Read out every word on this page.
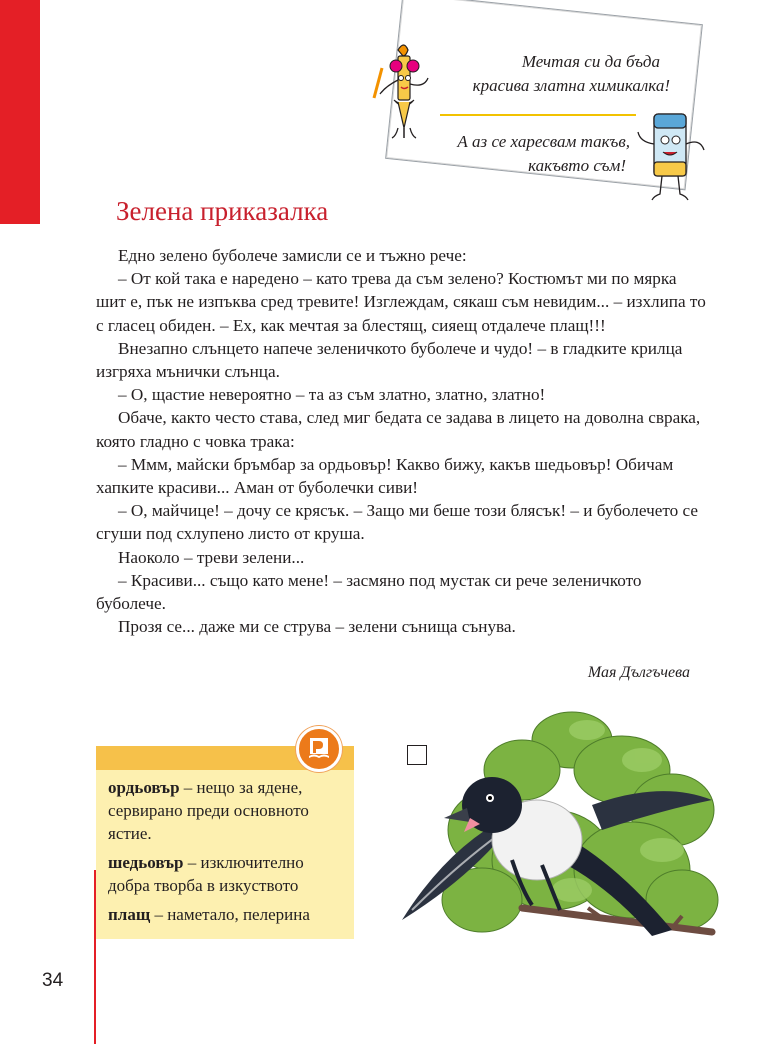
Мечтая си да бъда
красива златна химикалка!
А аз се харесвам такъв,
какъвто съм!
Зелена приказалка

Едно зелено буболече замисли се и тъжно рече:

– От кой така е наредено – като трева да съм зелено? Костюмът ми по мярка шит е, пък не изпъква сред тревите! Изглеждам, сякаш съм невидим... – изхлипа то с гласец обиден. – Ех, как мечтая за блестящ, сияещ отдалече плащ!!!

Внезапно слънцето напече зеленичкото буболече и чудо! – в гладките крилца изгряха мънички слънца.

– О, щастие невероятно – та аз съм златно, златно, златно!

Обаче, както често става, след миг бедата се задава в лицето на доволна сврака, която гладно с човка трака:

– Ммм, майски бръмбар за ордьовър! Какво бижу, какъв шедьовър! Обичам хапките красиви... Аман от буболечки сиви!

– О, майчице! – дочу се крясък. – Защо ми беше този блясък! – и буболечето се сгуши под схлупено листо от круша.

Наоколо – треви зелени...

– Красиви... също като мене! – засмяно под мустак си рече зеленичкото буболече.

Прозя се... даже ми се струва – зелени сънища сънува.

Мая Дългъчева

ордьовър – нещо за ядене, сервирано преди основното ястие.

шедьовър – изключително добра творба в изкуството

плащ – наметало, пелерина

34
